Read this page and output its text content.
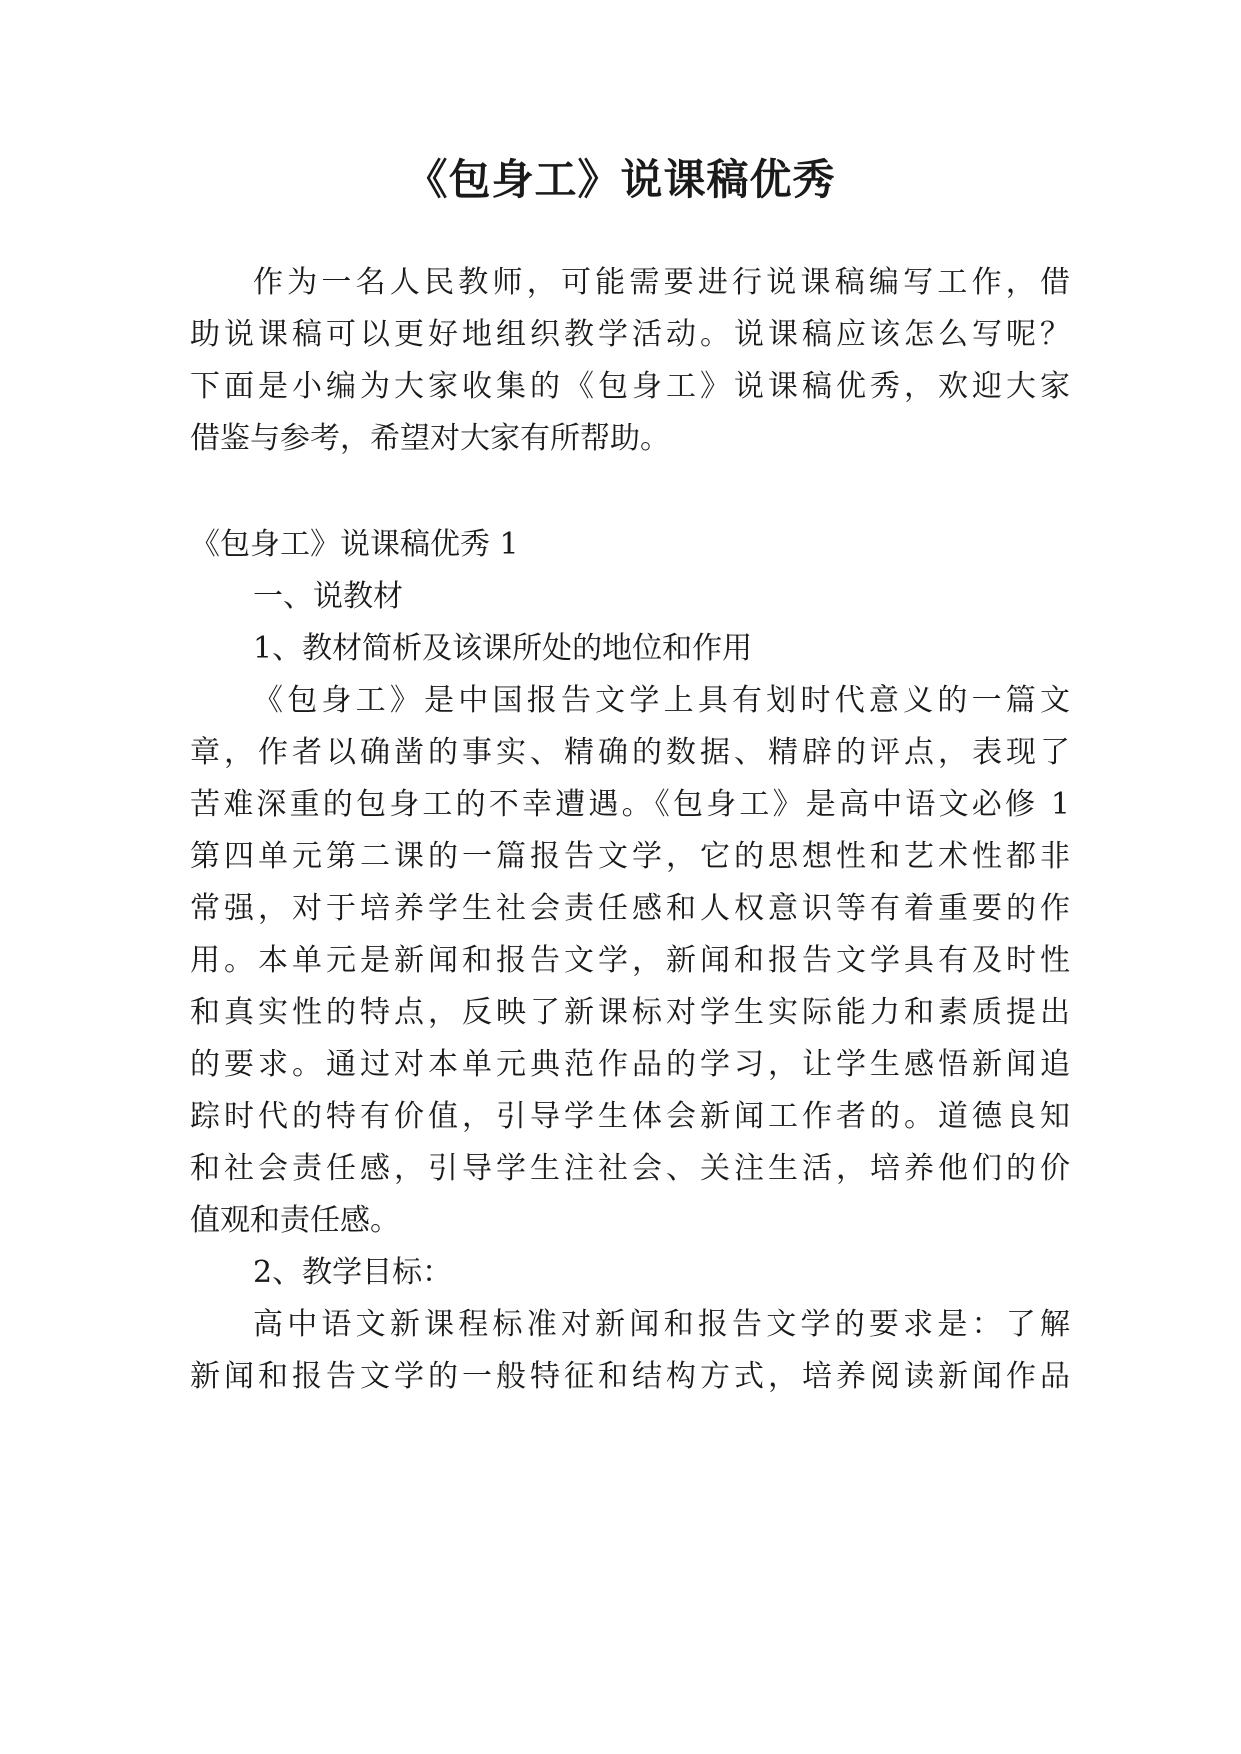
《包身工》说课稿优秀

作为一名人民教师，可能需要进行说课稿编写工作，借

助说课稿可以更好地组织教学活动。说课稿应该怎么写呢？

下面是小编为大家收集的《包身工》说课稿优秀，欢迎大家

借鉴与参考，希望对大家有所帮助。

《包身工》说课稿优秀 1

一、说教材

1、教材简析及该课所处的地位和作用

《包身工》是中国报告文学上具有划时代意义的一篇文

章，作者以确凿的事实、精确的数据、精辟的评点，表现了

苦难深重的包身工的不幸遭遇。《包身工》是高中语文必修 1

第四单元第二课的一篇报告文学，它的思想性和艺术性都非

常强，对于培养学生社会责任感和人权意识等有着重要的作

用。本单元是新闻和报告文学，新闻和报告文学具有及时性

和真实性的特点，反映了新课标对学生实际能力和素质提出

的要求。通过对本单元典范作品的学习，让学生感悟新闻追

踪时代的特有价值，引导学生体会新闻工作者的。道德良知

和社会责任感，引导学生注社会、关注生活，培养他们的价

值观和责任感。

2、教学目标：

高中语文新课程标准对新闻和报告文学的要求是：了解

新闻和报告文学的一般特征和结构方式，培养阅读新闻作品
